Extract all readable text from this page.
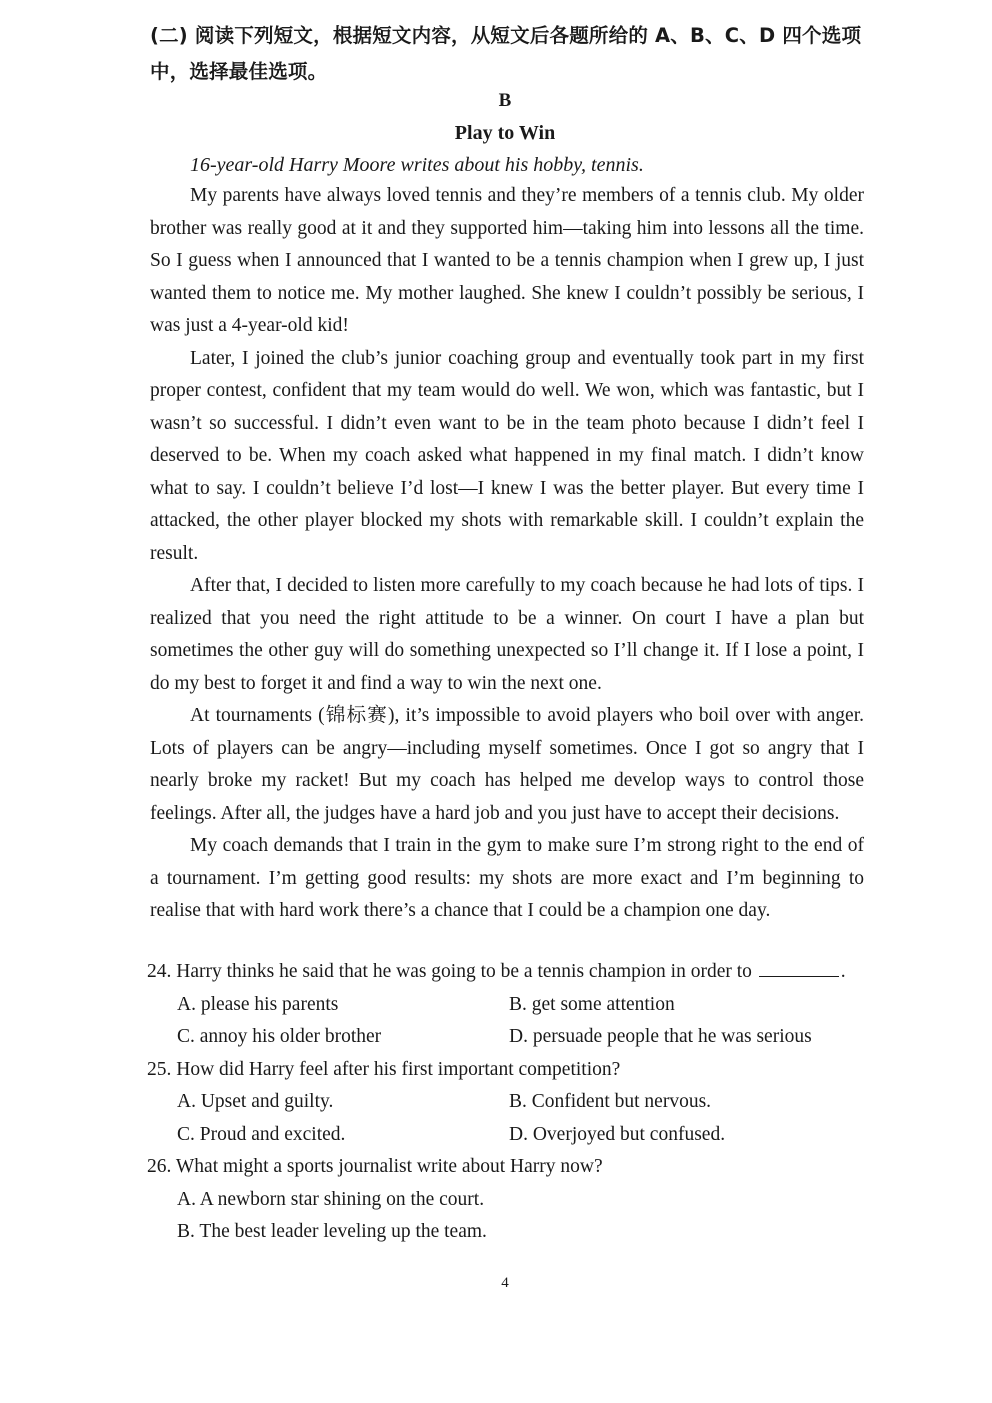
(二) 阅读下列短文，根据短文内容，从短文后各题所给的 A、B、C、D 四个选项中，选择最佳选项。
B
Play to Win
16-year-old Harry Moore writes about his hobby, tennis.

My parents have always loved tennis and they’re members of a tennis club. My older brother was really good at it and they supported him—taking him into lessons all the time. So I guess when I announced that I wanted to be a tennis champion when I grew up, I just wanted them to notice me. My mother laughed. She knew I couldn’t possibly be serious, I was just a 4-year-old kid!

Later, I joined the club’s junior coaching group and eventually took part in my first proper contest, confident that my team would do well. We won, which was fantastic, but I wasn’t so successful. I didn’t even want to be in the team photo because I didn’t feel I deserved to be. When my coach asked what happened in my final match. I didn’t know what to say. I couldn’t believe I’d lost—I knew I was the better player. But every time I attacked, the other player blocked my shots with remarkable skill. I couldn’t explain the result.

After that, I decided to listen more carefully to my coach because he had lots of tips. I realized that you need the right attitude to be a winner. On court I have a plan but sometimes the other guy will do something unexpected so I’ll change it. If I lose a point, I do my best to forget it and find a way to win the next one.

At tournaments (锦标赛), it’s impossible to avoid players who boil over with anger. Lots of players can be angry—including myself sometimes. Once I got so angry that I nearly broke my racket! But my coach has helped me develop ways to control those feelings. After all, the judges have a hard job and you just have to accept their decisions.

My coach demands that I train in the gym to make sure I’m strong right to the end of a tournament. I’m getting good results: my shots are more exact and I’m beginning to realise that with hard work there’s a chance that I could be a champion one day.

24. Harry thinks he said that he was going to be a tennis champion in order to	.

A. please his parents	B. get some attention
C. annoy his older brother	D. persuade people that he was serious

25. How did Harry feel after his first important competition?

A. Upset and guilty.	B. Confident but nervous.
C. Proud and excited.	D. Overjoyed but confused.

26. What might a sports journalist write about Harry now?

A. A newborn star shining on the court.
B. The best leader leveling up the team.
4
